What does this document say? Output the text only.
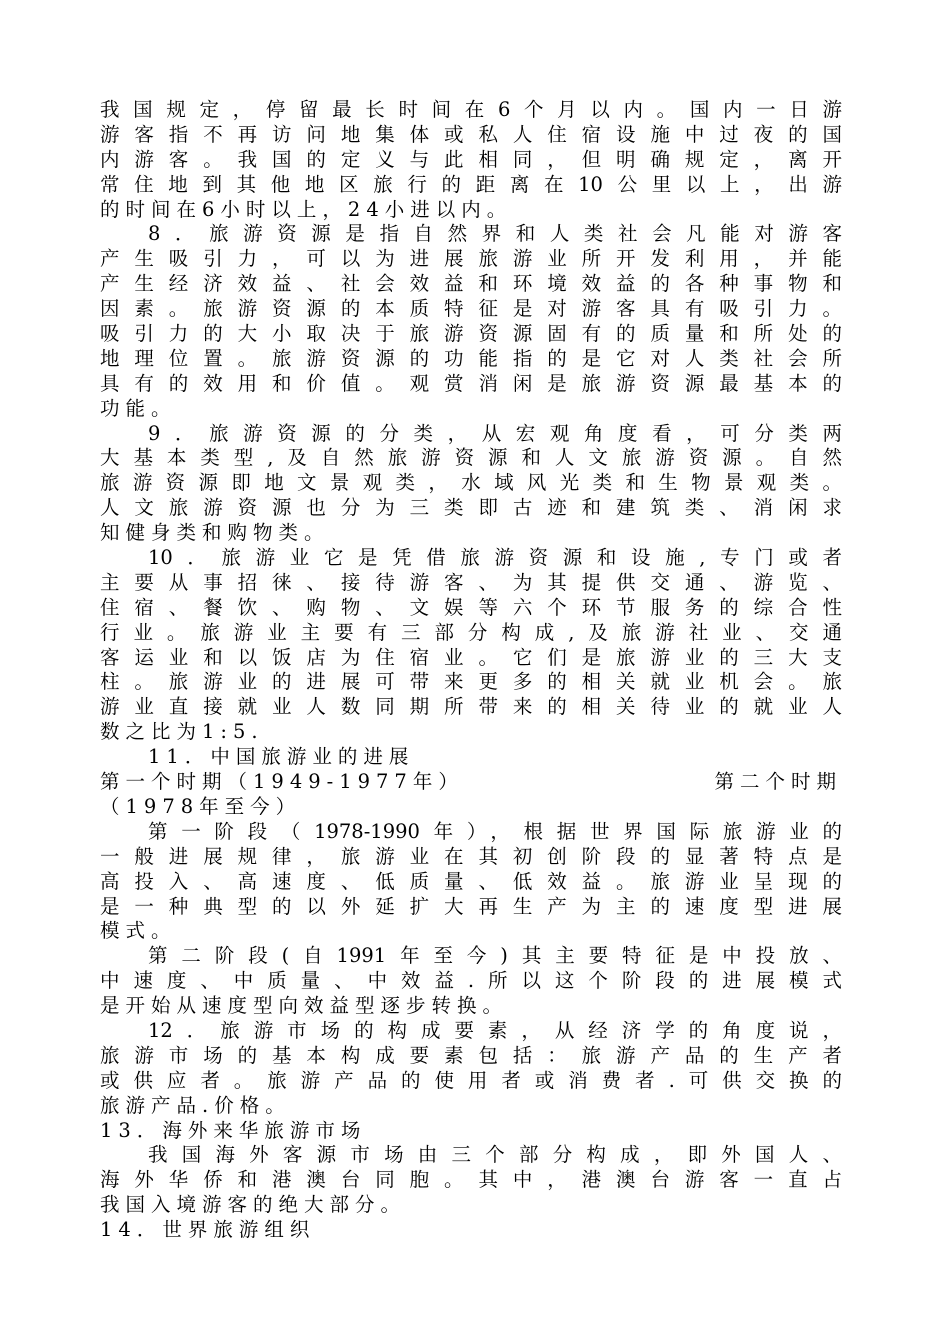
我国规定，停留最长时间在6个月以内。国内一日游
游客指不再访问地集体或私人住宿设施中过夜的国
内游客。我国的定义与此相同，但明确规定，离开
常住地到其他地区旅行的距离在10公里以上，出游
的时间在6小时以上，24小进以内。
8．旅游资源是指自然界和人类社会凡能对游客
产生吸引力，可以为进展旅游业所开发利用，并能
产生经济效益、社会效益和环境效益的各种事物和
因素。旅游资源的本质特征是对游客具有吸引力。
吸引力的大小取决于旅游资源固有的质量和所处的
地理位置。旅游资源的功能指的是它对人类社会所
具有的效用和价值。观赏消闲是旅游资源最基本的
功能。
9．旅游资源的分类，从宏观角度看，可分类两
大基本类型,及自然旅游资源和人文旅游资源。自然
旅游资源即地文景观类，水域风光类和生物景观类。
人文旅游资源也分为三类即古迹和建筑类、消闲求
知健身类和购物类。
10．旅游业它是凭借旅游资源和设施,专门或者
主要从事招徕、接待游客、为其提供交通、游览、
住宿、餐饮、购物、文娱等六个环节服务的综合性
行业。旅游业主要有三部分构成,及旅游社业、交通
客运业和以饭店为住宿业。它们是旅游业的三大支
柱。旅游业的进展可带来更多的相关就业机会。旅
游业直接就业人数同期所带来的相关待业的就业人
数之比为1:5.
11．中国旅游业的进展
第一个时期（1949-1977年）	第二个时期
（1978年至今）
第一阶段（1978-1990年），根据世界国际旅游业的
一般进展规律，旅游业在其初创阶段的显著特点是
高投入、高速度、低质量、低效益。旅游业呈现的
是一种典型的以外延扩大再生产为主的速度型进展
模式。
第二阶段(自1991年至今)其主要特征是中投放、
中速度、中质量、中效益.所以这个阶段的进展模式
是开始从速度型向效益型逐步转换。
12．旅游市场的构成要素，从经济学的角度说，
旅游市场的基本构成要素包括：旅游产品的生产者
或供应者。旅游产品的使用者或消费者.可供交换的
旅游产品.价格。
13．海外来华旅游市场
我国海外客源市场由三个部分构成，即外国人、
海外华侨和港澳台同胞。其中，港澳台游客一直占
我国入境游客的绝大部分。
14．世界旅游组织
